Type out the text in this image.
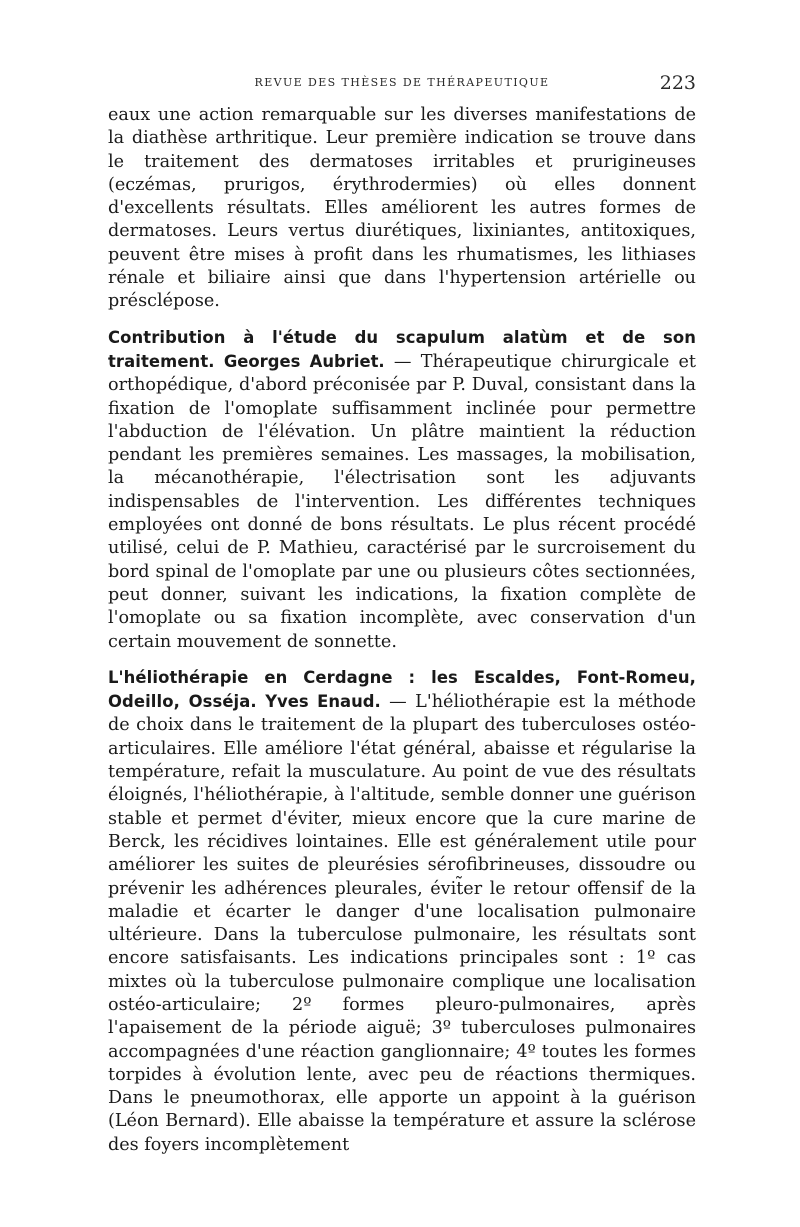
REVUE DES THÈSES DE THÉRAPEUTIQUE	223

eaux une action remarquable sur les diverses manifestations de la diathèse arthritique. Leur première indication se trouve dans le traitement des dermatoses irritables et prurigineuses (eczémas, prurigos, érythrodermies) où elles donnent d'excellents résultats. Elles améliorent les autres formes de dermatoses. Leurs vertus diurétiques, lixiniantes, antitoxiques, peuvent être mises à profit dans les rhumatismes, les lithiases rénale et biliaire ainsi que dans l'hypertension artérielle ou préscléрose.

Contribution à l'étude du scapulum alatùm et de son traitement. Georges Aubriet. — Thérapeutique chirurgicale et orthopédique, d'abord préconisée par P. Duval, consistant dans la fixation de l'omoplate suffisamment inclinée pour permettre l'abduction de l'élévation. Un plâtre maintient la réduction pendant les premières semaines. Les massages, la mobilisation, la mécanothérapie, l'électrisation sont les adjuvants indispensables de l'intervention. Les différentes techniques employées ont donné de bons résultats. Le plus récent procédé utilisé, celui de P. Mathieu, caractérisé par le surcroisement du bord spinal de l'omoplate par une ou plusieurs côtes sectionnées, peut donner, suivant les indications, la fixation complète de l'omoplate ou sa fixation incomplète, avec conservation d'un certain mouvement de sonnette.

L'héliothérapie en Cerdagne : les Escaldes, Font-Romeu, Odeillo, Osséja. Yves Enaud. — L'héliothérapie est la méthode de choix dans le traitement de la plupart des tuberculoses ostéo-articulaires. Elle améliore l'état général, abaisse et régularise la température, refait la musculature. Au point de vue des résultats éloignés, l'héliothérapie, à l'altitude, semble donner une guérison stable et permet d'éviter, mieux encore que la cure marine de Berck, les récidives lointaines. Elle est généralement utile pour améliorer les suites de pleurésies sérofibrineuses, dissoudre ou prévenir les adhérences pleurales, évit̃er le retour offensif de la maladie et écarter le danger d'une localisation pulmonaire ultérieure. Dans la tuberculose pulmonaire, les résultats sont encore satisfaisants. Les indications principales sont : 1º cas mixtes où la tuberculose pulmonaire complique une localisation ostéo-articulaire; 2º formes pleuro-pulmonaires, après l'apaisement de la période aiguë; 3º tuberculoses pulmonaires accompagnées d'une réaction ganglionnaire; 4º toutes les formes torpides à évolution lente, avec peu de réactions thermiques. Dans le pneumothorax, elle apporte un appoint à la guérison (Léon Bernard). Elle abaisse la température et assure la sclérose des foyers incomplètement
